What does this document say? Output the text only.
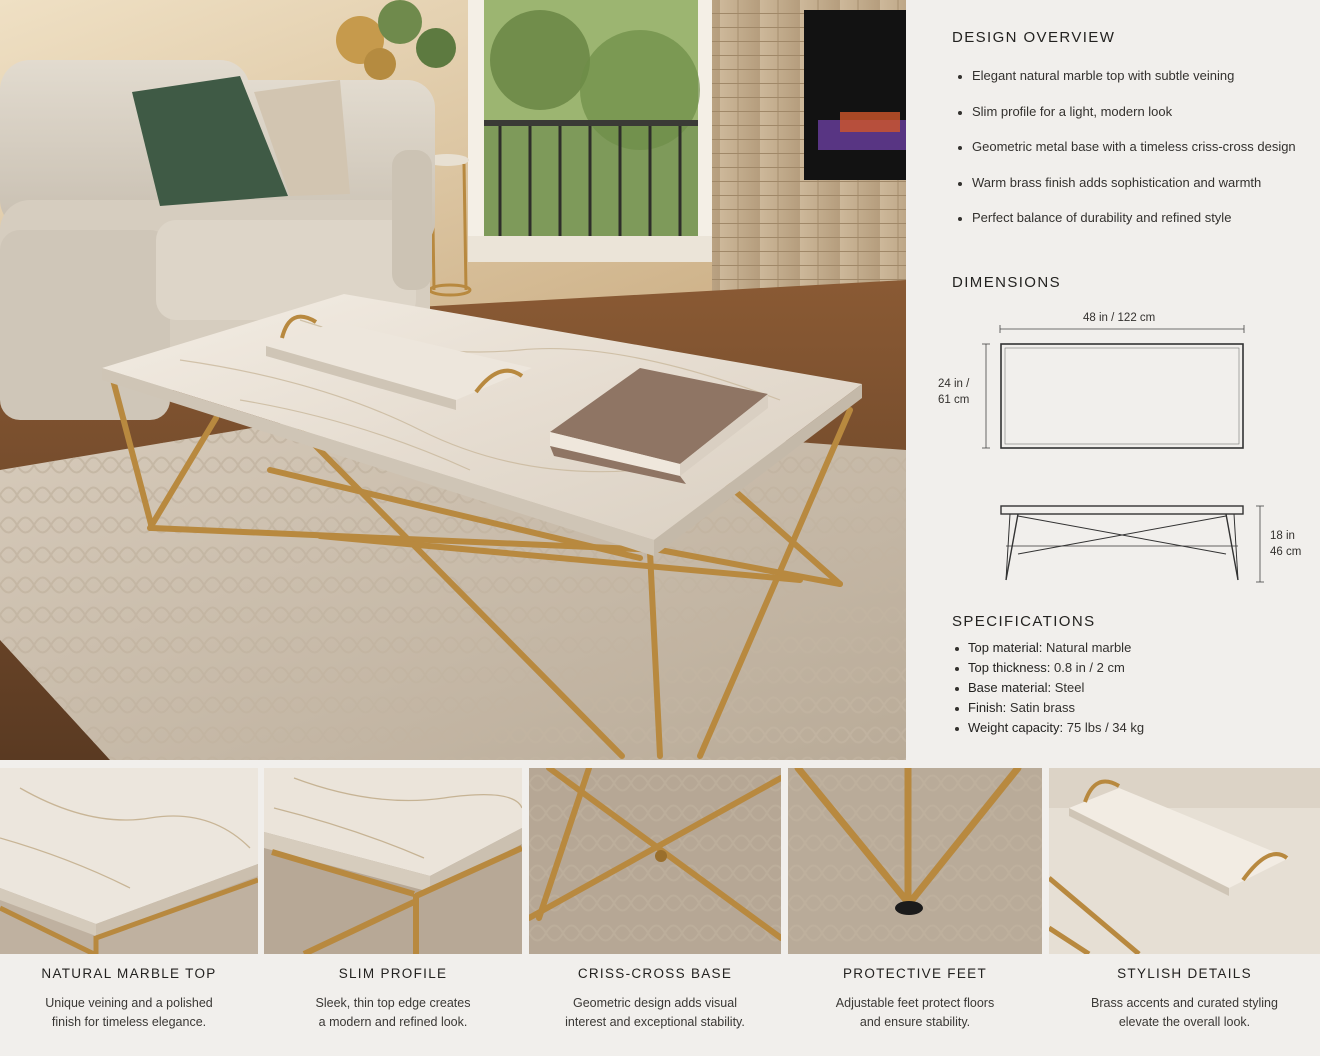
DESIGN OVERVIEW
Elegant natural marble top with subtle veining
Slim profile for a light, modern look
Geometric metal base with a timeless criss-cross design
Warm brass finish adds sophistication and warmth
Perfect balance of durability and refined style
DIMENSIONS
48 in / 122 cm
24 in /
61 cm
18 in
46 cm
SPECIFICATIONS
Top material: Natural marble
Top thickness: 0.8 in / 2 cm
Base material: Steel
Finish: Satin brass
Weight capacity: 75 lbs / 34 kg
NATURAL MARBLE TOP
Unique veining and a polished
finish for timeless elegance.
SLIM PROFILE
Sleek, thin top edge creates
a modern and refined look.
CRISS-CROSS BASE
Geometric design adds visual
interest and exceptional stability.
PROTECTIVE FEET
Adjustable feet protect floors
and ensure stability.
STYLISH DETAILS
Brass accents and curated styling
elevate the overall look.
